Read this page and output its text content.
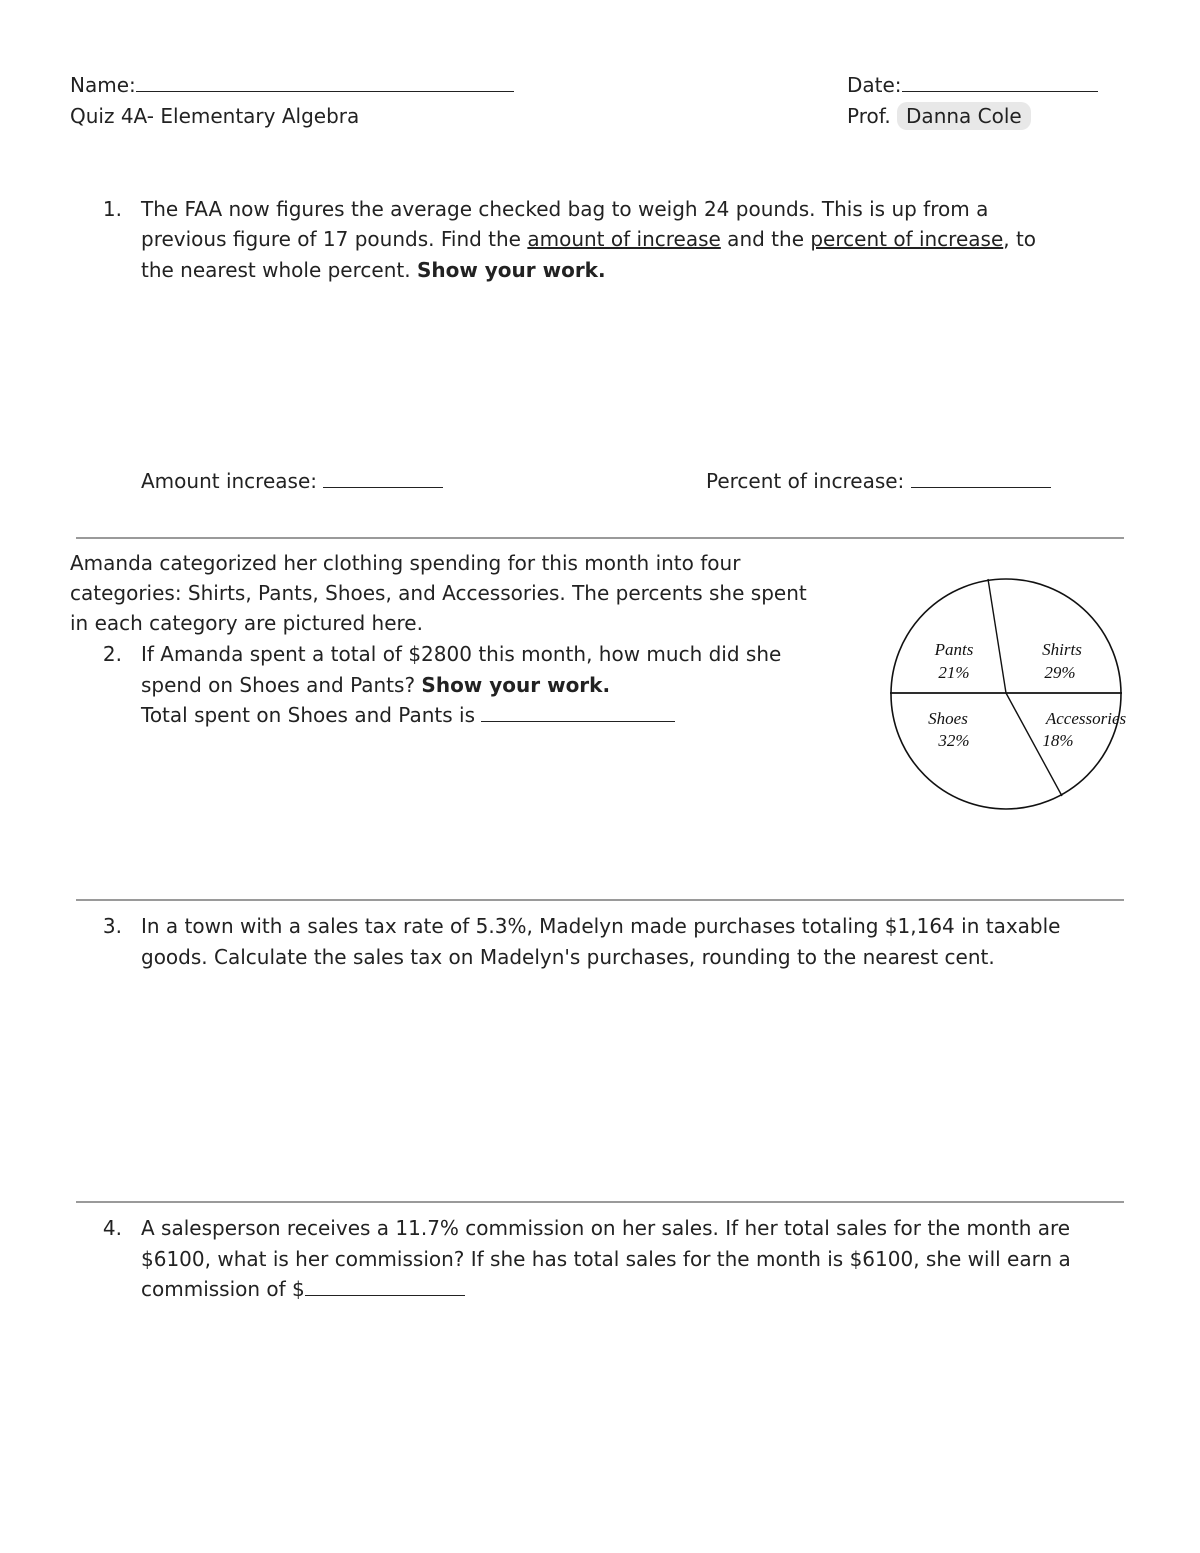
Name:	Date:
Quiz 4A- Elementary Algebra	Prof. Danna Cole
1. The FAA now figures the average checked bag to weigh 24 pounds. This is up from a
previous figure of 17 pounds. Find the amount of increase and the percent of increase, to
the nearest whole percent. Show your work.
Amount increase:	Percent of increase:
Amanda categorized her clothing spending for this month into four
categories: Shirts, Pants, Shoes, and Accessories. The percents she spent
in each category are pictured here.
2. If Amanda spent a total of $2800 this month, how much did she
spend on Shoes and Pants? Show your work.
Total spent on Shoes and Pants is
Pants
21%
Shirts
29%
Shoes
32%
Accessories
18%
3. In a town with a sales tax rate of 5.3%, Madelyn made purchases totaling $1,164 in taxable
goods. Calculate the sales tax on Madelyn's purchases, rounding to the nearest cent.
4. A salesperson receives a 11.7% commission on her sales. If her total sales for the month are
$6100, what is her commission? If she has total sales for the month is $6100, she will earn a
commission of $
